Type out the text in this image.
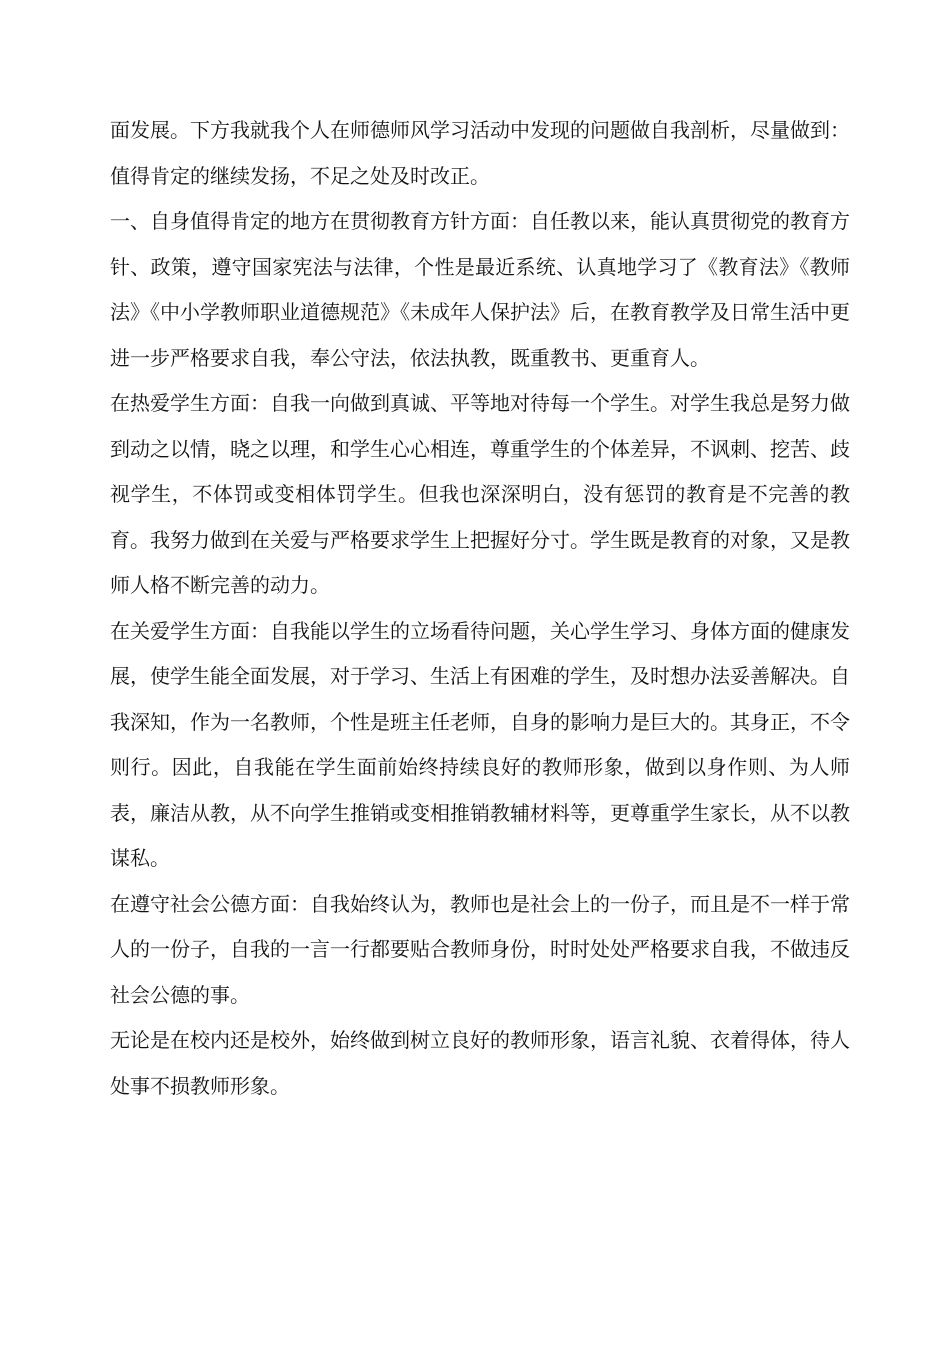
面发展。下方我就我个人在师德师风学习活动中发现的问题做自我剖析，尽量做到：值得肯定的继续发扬，不足之处及时改正。

一、自身值得肯定的地方在贯彻教育方针方面：自任教以来，能认真贯彻党的教育方针、政策，遵守国家宪法与法律，个性是最近系统、认真地学习了《教育法》《教师法》《中小学教师职业道德规范》《未成年人保护法》后，在教育教学及日常生活中更进一步严格要求自我，奉公守法，依法执教，既重教书、更重育人。

在热爱学生方面：自我一向做到真诚、平等地对待每一个学生。对学生我总是努力做到动之以情，晓之以理，和学生心心相连，尊重学生的个体差异，不讽刺、挖苦、歧视学生，不体罚或变相体罚学生。但我也深深明白，没有惩罚的教育是不完善的教育。我努力做到在关爱与严格要求学生上把握好分寸。学生既是教育的对象，又是教师人格不断完善的动力。

在关爱学生方面：自我能以学生的立场看待问题，关心学生学习、身体方面的健康发展，使学生能全面发展，对于学习、生活上有困难的学生，及时想办法妥善解决。自我深知，作为一名教师，个性是班主任老师，自身的影响力是巨大的。其身正，不令则行。因此，自我能在学生面前始终持续良好的教师形象，做到以身作则、为人师表，廉洁从教，从不向学生推销或变相推销教辅材料等，更尊重学生家长，从不以教谋私。

在遵守社会公德方面：自我始终认为，教师也是社会上的一份子，而且是不一样于常人的一份子，自我的一言一行都要贴合教师身份，时时处处严格要求自我，不做违反社会公德的事。

无论是在校内还是校外，始终做到树立良好的教师形象，语言礼貌、衣着得体，待人处事不损教师形象。
